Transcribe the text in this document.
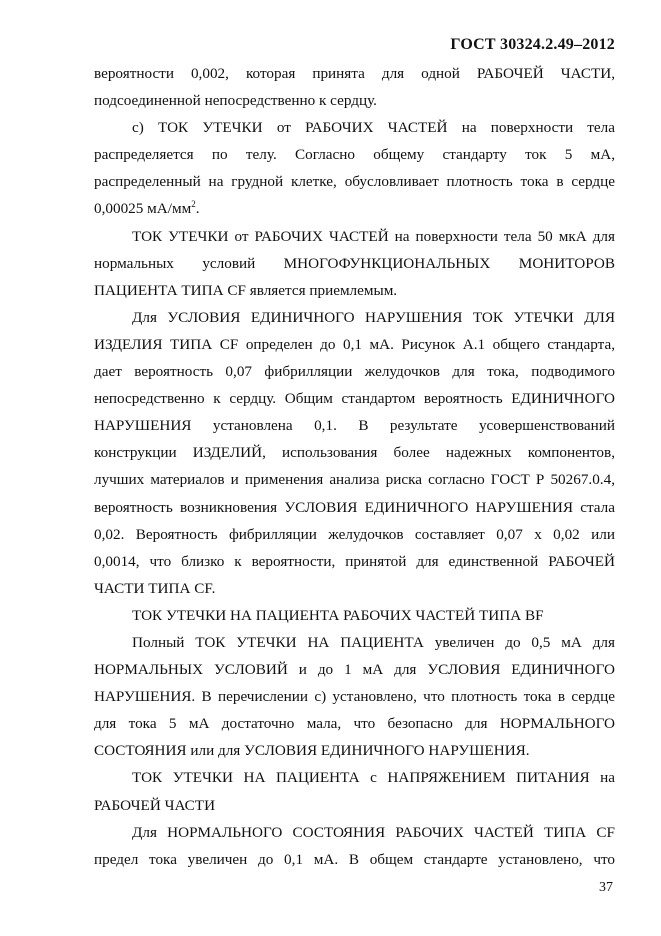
ГОСТ 30324.2.49–2012
вероятности 0,002, которая принята для одной РАБОЧЕЙ ЧАСТИ,
подсоединенной непосредственно к сердцу.
с) ТОК УТЕЧКИ от РАБОЧИХ ЧАСТЕЙ на поверхности тела
распределяется по телу. Согласно общему стандарту ток 5 мА,
распределенный на грудной клетке, обусловливает плотность тока в сердце
0,00025 $мА/мм^2$.
ТОК УТЕЧКИ от РАБОЧИХ ЧАСТЕЙ на поверхности тела 50 мкА для
нормальных условий МНОГОФУНКЦИОНАЛЬНЫХ МОНИТОРОВ
ПАЦИЕНТА ТИПА CF является приемлемым.
Для УСЛОВИЯ ЕДИНИЧНОГО НАРУШЕНИЯ ТОК УТЕЧКИ ДЛЯ
ИЗДЕЛИЯ ТИПА CF определен до 0,1 мА. Рисунок А.1 общего стандарта,
дает вероятность 0,07 фибрилляции желудочков для тока, подводимого
непосредственно к сердцу. Общим стандартом вероятность ЕДИНИЧНОГО
НАРУШЕНИЯ установлена 0,1. В результате усовершенствований
конструкции ИЗДЕЛИЙ, использования более надежных компонентов,
лучших материалов и применения анализа риска согласно ГОСТ Р 50267.0.4,
вероятность возникновения УСЛОВИЯ ЕДИНИЧНОГО НАРУШЕНИЯ стала
0,02. Вероятность фибрилляции желудочков составляет 0,07 х 0,02 или
0,0014, что близко к вероятности, принятой для единственной РАБОЧЕЙ
ЧАСТИ ТИПА CF.
ТОК УТЕЧКИ НА ПАЦИЕНТА РАБОЧИХ ЧАСТЕЙ ТИПА BF
Полный ТОК УТЕЧКИ НА ПАЦИЕНТА увеличен до 0,5 мА для
НОРМАЛЬНЫХ УСЛОВИЙ и до 1 мА для УСЛОВИЯ ЕДИНИЧНОГО
НАРУШЕНИЯ. В перечислении с) установлено, что плотность тока в сердце
для тока 5 мА достаточно мала, что безопасно для НОРМАЛЬНОГО
СОСТОЯНИЯ или для УСЛОВИЯ ЕДИНИЧНОГО НАРУШЕНИЯ.
ТОК УТЕЧКИ НА ПАЦИЕНТА с НАПРЯЖЕНИЕМ ПИТАНИЯ на
РАБОЧЕЙ ЧАСТИ
Для НОРМАЛЬНОГО СОСТОЯНИЯ РАБОЧИХ ЧАСТЕЙ ТИПА CF
предел тока увеличен до 0,1 мА. В общем стандарте установлено, что
37
